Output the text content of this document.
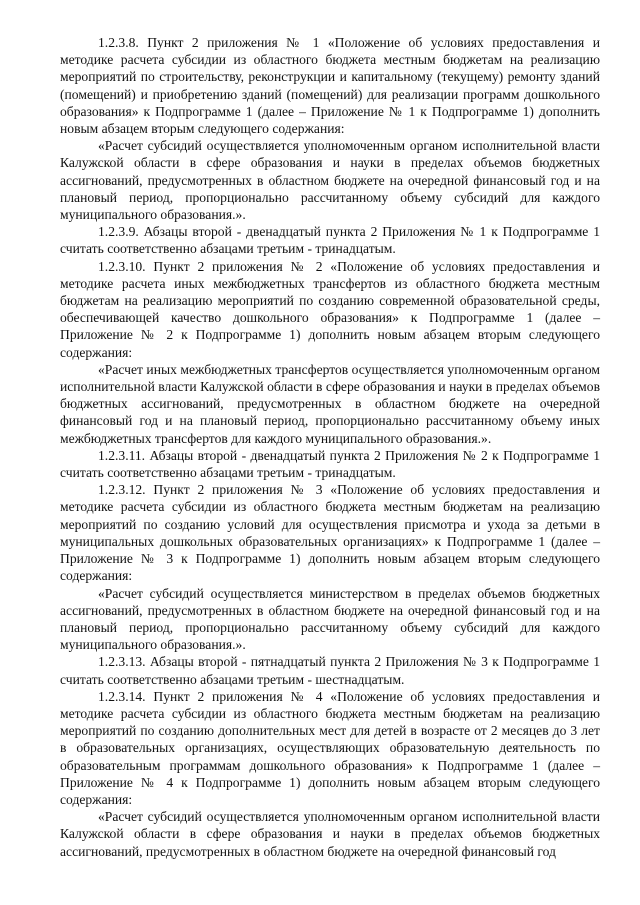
1.2.3.8. Пункт 2 приложения № 1 «Положение об условиях предоставления и методике расчета субсидии из областного бюджета местным бюджетам на реализацию мероприятий по строительству, реконструкции и капитальному (текущему) ремонту зданий (помещений) и приобретению зданий (помещений) для реализации программ дошкольного образования» к Подпрограмме 1 (далее – Приложение № 1 к Подпрограмме 1) дополнить новым абзацем вторым следующего содержания:

«Расчет субсидий осуществляется уполномоченным органом исполнительной власти Калужской области в сфере образования и науки в пределах объемов бюджетных ассигнований, предусмотренных в областном бюджете на очередной финансовый год и на плановый период, пропорционально рассчитанному объему субсидий для каждого муниципального образования.».

1.2.3.9. Абзацы второй - двенадцатый пункта 2 Приложения № 1 к Подпрограмме 1 считать соответственно абзацами третьим - тринадцатым.

1.2.3.10. Пункт 2 приложения № 2 «Положение об условиях предоставления и методике расчета иных межбюджетных трансфертов из областного бюджета местным бюджетам на реализацию мероприятий по созданию современной образовательной среды, обеспечивающей качество дошкольного образования» к Подпрограмме 1 (далее – Приложение № 2 к Подпрограмме 1) дополнить новым абзацем вторым следующего содержания:

«Расчет иных межбюджетных трансфертов осуществляется уполномоченным органом исполнительной власти Калужской области в сфере образования и науки в пределах объемов бюджетных ассигнований, предусмотренных в областном бюджете на очередной финансовый год и на плановый период, пропорционально рассчитанному объему иных межбюджетных трансфертов для каждого муниципального образования.».

1.2.3.11. Абзацы второй - двенадцатый пункта 2 Приложения № 2 к Подпрограмме 1 считать соответственно абзацами третьим - тринадцатым.

1.2.3.12. Пункт 2 приложения № 3 «Положение об условиях предоставления и методике расчета субсидии из областного бюджета местным бюджетам на реализацию мероприятий по созданию условий для осуществления присмотра и ухода за детьми в муниципальных дошкольных образовательных организациях» к Подпрограмме 1 (далее – Приложение № 3 к Подпрограмме 1) дополнить новым абзацем вторым следующего содержания:

«Расчет субсидий осуществляется министерством в пределах объемов бюджетных ассигнований, предусмотренных в областном бюджете на очередной финансовый год и на плановый период, пропорционально рассчитанному объему субсидий для каждого муниципального образования.».

1.2.3.13. Абзацы второй - пятнадцатый пункта 2 Приложения № 3 к Подпрограмме 1 считать соответственно абзацами третьим - шестнадцатым.

1.2.3.14. Пункт 2 приложения № 4 «Положение об условиях предоставления и методике расчета субсидии из областного бюджета местным бюджетам на реализацию мероприятий по созданию дополнительных мест для детей в возрасте от 2 месяцев до 3 лет в образовательных организациях, осуществляющих образовательную деятельность по образовательным программам дошкольного образования» к Подпрограмме 1 (далее – Приложение № 4 к Подпрограмме 1) дополнить новым абзацем вторым следующего содержания:

«Расчет субсидий осуществляется уполномоченным органом исполнительной власти Калужской области в сфере образования и науки в пределах объемов бюджетных ассигнований, предусмотренных в областном бюджете на очередной финансовый год
